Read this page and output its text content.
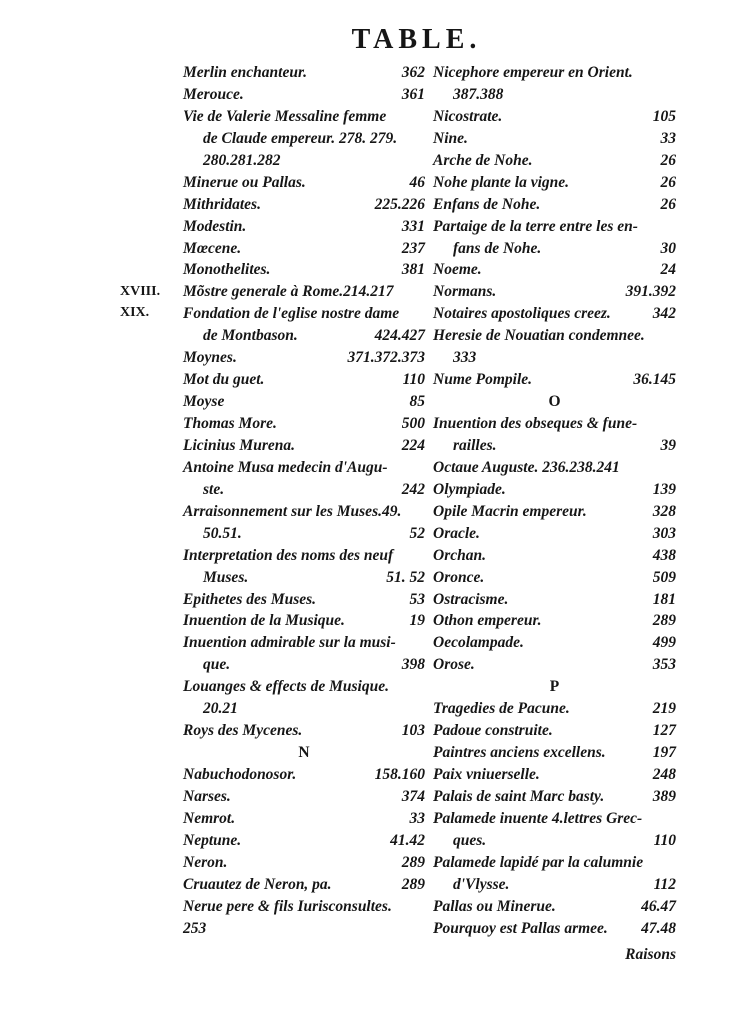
TABLE.
XVIII.
XIX.
Merlin enchanteur.	362
Merouce.	361
Vie de Valerie Messaline femme
de Claude empereur. 278. 279.
280.281.282
Minerue ou Pallas.	46
Mithridates.	225.226
Modestin.	331
Mœcene.	237
Monothelites.	381
Mõstre generale à Rome.214.217
Fondation de l'eglise nostre dame
de Montbason.	424.427
Moynes.	371.372.373
Mot du guet.	110
Moyse	85
Thomas More.	500
Licinius Murena.	224
Antoine Musa medecin d'Augu-
ste.	242
Arraisonnement sur les Muses.49.
50.51.	52
Interpretation des noms des neuf
Muses.	51. 52
Epithetes des Muses.	53
Inuention de la Musique.	19
Inuention admirable sur la musi-
que.	398
Louanges & effects de Musique.
20.21
Roys des Mycenes.	103
N
Nabuchodonosor.	158.160
Narses.	374
Nemrot.	33
Neptune.	41.42
Neron.	289
Cruautez de Neron, pa.	289
Nerue pere & fils Iurisconsultes.
253
Nicephore empereur en Orient.
387.388
Nicostrate.	105
Nine.	33
Arche de Nohe.	26
Nohe plante la vigne.	26
Enfans de Nohe.	26
Partaige de la terre entre les en-
fans de Nohe.	30
Noeme.	24
Normans.	391.392
Notaires apostoliques creez.	342
Heresie de Nouatian condemnee.
333
Nume Pompile.	36.145
O
Inuention des obseques & fune-
railles.	39
Octaue Auguste. 236.238.241
Olympiade.	139
Opile Macrin empereur.	328
Oracle.	303
Orchan.	438
Oronce.	509
Ostracisme.	181
Othon empereur.	289
Oecolampade.	499
Orose.	353
P
Tragedies de Pacune.	219
Padoue construite.	127
Paintres anciens excellens.	197
Paix vniuerselle.	248
Palais de saint Marc basty.	389
Palamede inuente 4.lettres Grec-
ques.	110
Palamede lapidé par la calumnie
d'Vlysse.	112
Pallas ou Minerue.	46.47
Pourquoy est Pallas armee. 47.48
Raisons
